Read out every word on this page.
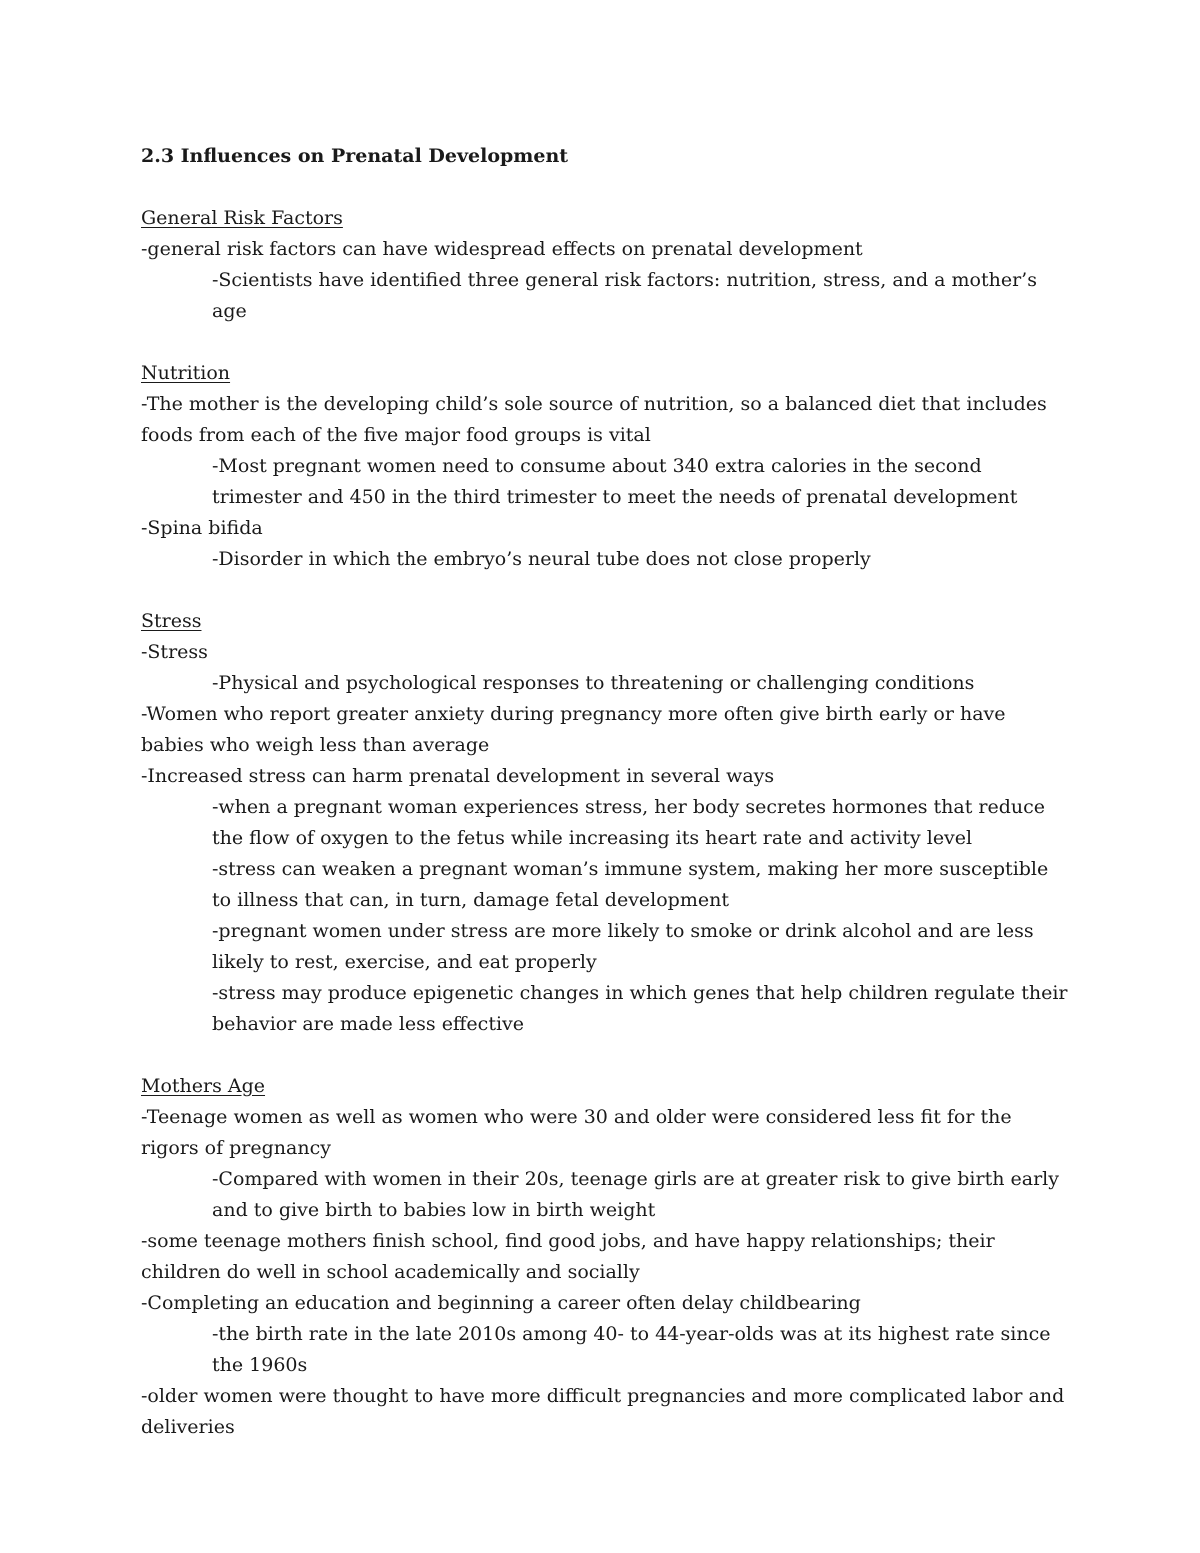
2.3 Influences on Prenatal Development

General Risk Factors

-general risk factors can have widespread effects on prenatal development

-Scientists have identified three general risk factors: nutrition, stress, and a mother’s age

Nutrition

-The mother is the developing child’s sole source of nutrition, so a balanced diet that includes foods from each of the five major food groups is vital

-Most pregnant women need to consume about 340 extra calories in the second trimester and 450 in the third trimester to meet the needs of prenatal development

-Spina bifida

-Disorder in which the embryo’s neural tube does not close properly

Stress

-Stress

-Physical and psychological responses to threatening or challenging conditions

-Women who report greater anxiety during pregnancy more often give birth early or have babies who weigh less than average

-Increased stress can harm prenatal development in several ways

-when a pregnant woman experiences stress, her body secretes hormones that reduce the flow of oxygen to the fetus while increasing its heart rate and activity level

-stress can weaken a pregnant woman’s immune system, making her more susceptible to illness that can, in turn, damage fetal development

-pregnant women under stress are more likely to smoke or drink alcohol and are less likely to rest, exercise, and eat properly

-stress may produce epigenetic changes in which genes that help children regulate their behavior are made less effective

Mothers Age

-Teenage women as well as women who were 30 and older were considered less fit for the rigors of pregnancy

-Compared with women in their 20s, teenage girls are at greater risk to give birth early and to give birth to babies low in birth weight

-some teenage mothers finish school, find good jobs, and have happy relationships; their children do well in school academically and socially

-Completing an education and beginning a career often delay childbearing

-the birth rate in the late 2010s among 40- to 44-year-olds was at its highest rate since the 1960s

-older women were thought to have more difficult pregnancies and more complicated labor and deliveries
